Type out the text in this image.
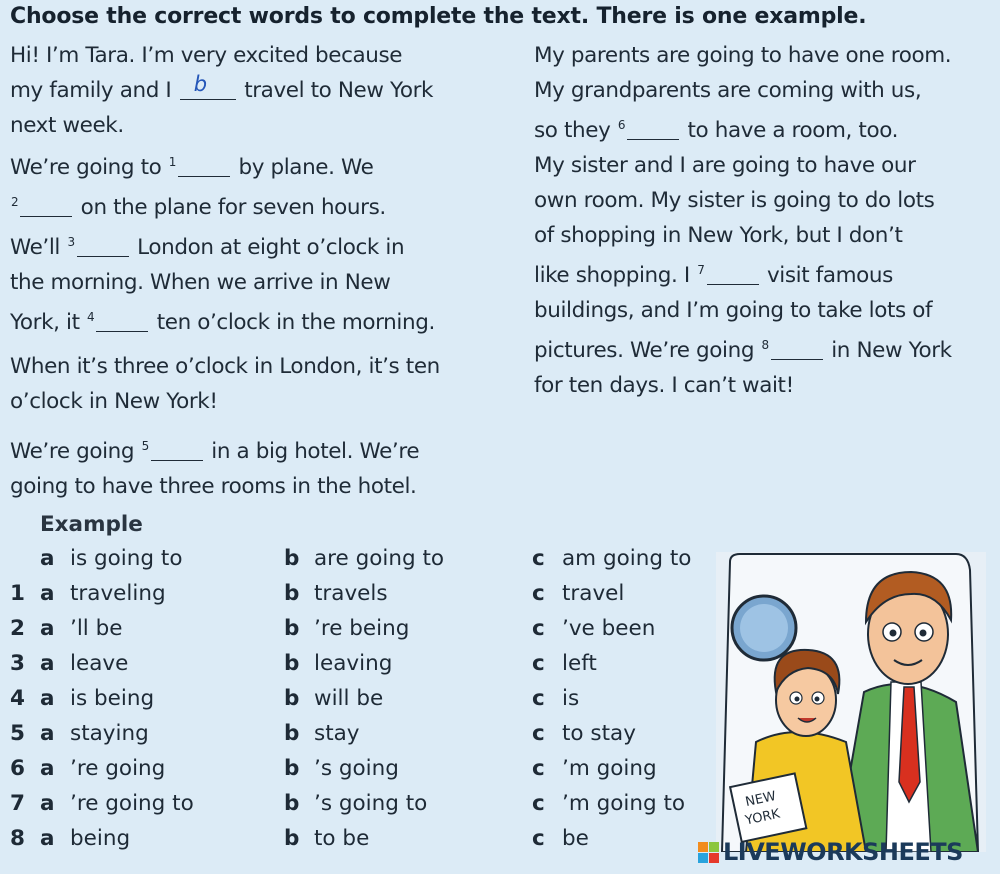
Choose the correct words to complete the text. There is one example.
Hi! I’m Tara. I’m very excited because
my family and I b travel to New York
next week.
We’re going to $^1$	by plane. We
$^2$	on the plane for seven hours.
We’ll $^3$	London at eight o’clock in
the morning. When we arrive in New
York, it $^4$	ten o’clock in the morning.
When it’s three o’clock in London, it’s ten
o’clock in New York!
We’re going $^5$	in a big hotel. We’re
going to have three rooms in the hotel.
My parents are going to have one room.
My grandparents are coming with us,
so they $^6$	to have a room, too.
My sister and I are going to have our
own room. My sister is going to do lots
of shopping in New York, but I don’t
like shopping. I $^7$	visit famous
buildings, and I’m going to take lots of
pictures. We’re going $^8$	in New York
for ten days. I can’t wait!
Example
a is going to	b are going to	c am going to
1 a traveling	b travels	c travel
2 a ’ll be	b ’re being	c ’ve been
3 a leave	b leaving	c left
4 a is being	b will be	c is
5 a staying	b stay	c to stay
6 a ’re going	b ’s going	c ’m going
7 a ’re going to	b ’s going to	c ’m going to
8 a being	b to be	c be
NEW
YORK
LIVEWORKSHEETS
